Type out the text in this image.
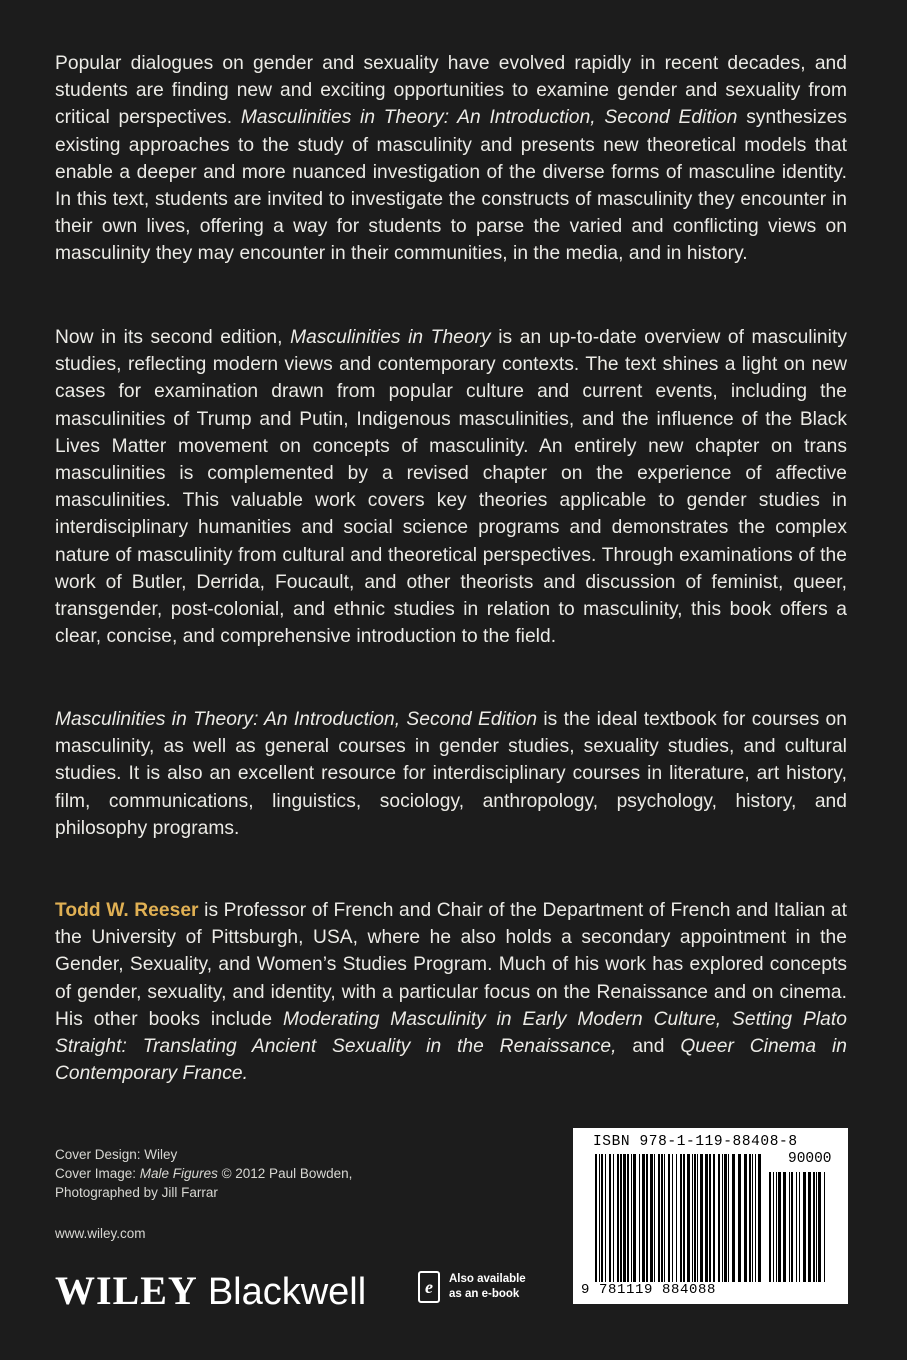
Popular dialogues on gender and sexuality have evolved rapidly in recent decades, and students are finding new and exciting opportunities to examine gender and sexuality from critical perspectives. Masculinities in Theory: An Introduction, Second Edition synthesizes existing approaches to the study of masculinity and presents new theoretical models that enable a deeper and more nuanced investigation of the diverse forms of masculine identity. In this text, students are invited to investigate the constructs of masculinity they encounter in their own lives, offering a way for students to parse the varied and conflicting views on masculinity they may encounter in their communities, in the media, and in history.
Now in its second edition, Masculinities in Theory is an up-to-date overview of masculinity studies, reflecting modern views and contemporary contexts. The text shines a light on new cases for examination drawn from popular culture and current events, including the masculinities of Trump and Putin, Indigenous masculinities, and the influence of the Black Lives Matter movement on concepts of masculinity. An entirely new chapter on trans masculinities is complemented by a revised chapter on the experience of affective masculinities. This valuable work covers key theories applicable to gender studies in interdisciplinary humanities and social science programs and demonstrates the complex nature of masculinity from cultural and theoretical perspectives. Through examinations of the work of Butler, Derrida, Foucault, and other theorists and discussion of feminist, queer, transgender, post-colonial, and ethnic studies in relation to masculinity, this book offers a clear, concise, and comprehensive introduction to the field.
Masculinities in Theory: An Introduction, Second Edition is the ideal textbook for courses on masculinity, as well as general courses in gender studies, sexuality studies, and cultural studies. It is also an excellent resource for interdisciplinary courses in literature, art history, film, communications, linguistics, sociology, anthropology, psychology, history, and philosophy programs.
Todd W. Reeser is Professor of French and Chair of the Department of French and Italian at the University of Pittsburgh, USA, where he also holds a secondary appointment in the Gender, Sexuality, and Women’s Studies Program. Much of his work has explored concepts of gender, sexuality, and identity, with a particular focus on the Renaissance and on cinema. His other books include Moderating Masculinity in Early Modern Culture, Setting Plato Straight: Translating Ancient Sexuality in the Renaissance, and Queer Cinema in Contemporary France.
Cover Design: Wiley
Cover Image: Male Figures © 2012 Paul Bowden,
Photographed by Jill Farrar
www.wiley.com
WILEY Blackwell	e Also available
as an e-book
ISBN 978-1-119-88408-8
90000
9 781119 884088
